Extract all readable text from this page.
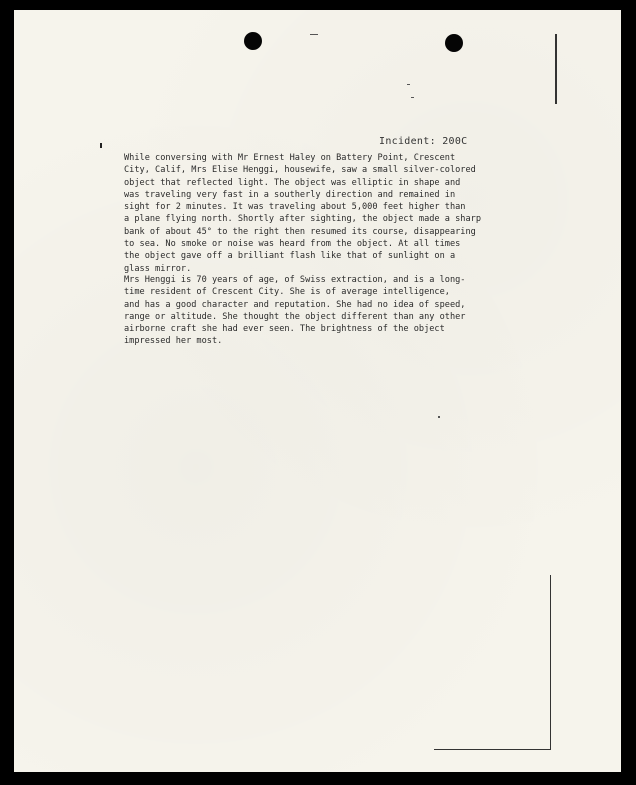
Incident: 200C
While conversing with Mr Ernest Haley on Battery Point, Crescent
City, Calif, Mrs Elise Henggi, housewife, saw a small silver-colored
object that reflected light. The object was elliptic in shape and
was traveling very fast in a southerly direction and remained in
sight for 2 minutes. It was traveling about 5,000 feet higher than
a plane flying north. Shortly after sighting, the object made a sharp
bank of about 45° to the right then resumed its course, disappearing
to sea. No smoke or noise was heard from the object. At all times
the object gave off a brilliant flash like that of sunlight on a
glass mirror.
Mrs Henggi is 70 years of age, of Swiss extraction, and is a long-
time resident of Crescent City. She is of average intelligence,
and has a good character and reputation. She had no idea of speed,
range or altitude. She thought the object different than any other
airborne craft she had ever seen. The brightness of the object
impressed her most.
